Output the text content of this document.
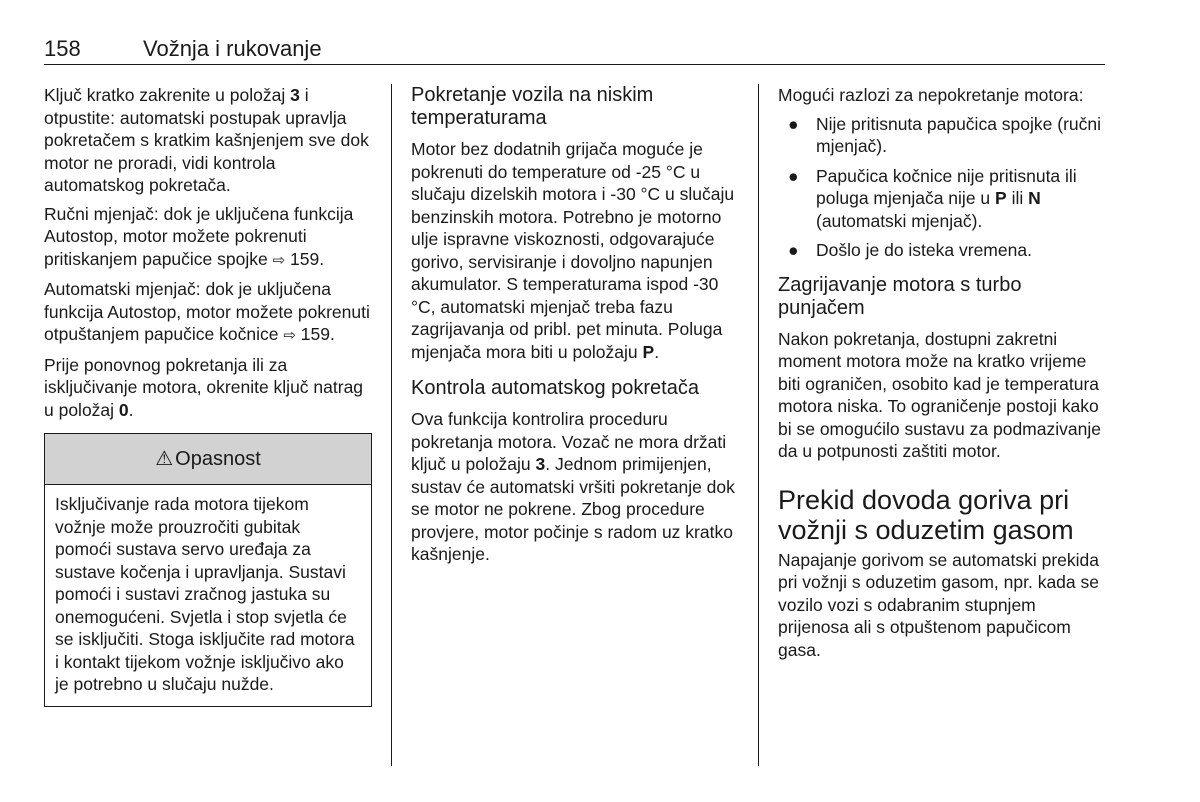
158	Vožnja i rukovanje

Ključ kratko zakrenite u položaj 3 i otpustite: automatski postupak upravlja pokretačem s kratkim kašnjenjem sve dok motor ne proradi, vidi kontrola automatskog pokretača.

Ručni mjenjač: dok je uključena funkcija Autostop, motor možete pokrenuti pritiskanjem papučice spojke ⇨ 159.

Automatski mjenjač: dok je uključena funkcija Autostop, motor možete pokrenuti otpuštanjem papučice kočnice ⇨ 159.

Prije ponovnog pokretanja ili za isključivanje motora, okrenite ključ natrag u položaj 0.

⚠ Opasnost
Isključivanje rada motora tijekom vožnje može prouzročiti gubitak pomoći sustava servo uređaja za sustave kočenja i upravljanja. Sustavi pomoći i sustavi zračnog jastuka su onemogućeni. Svjetla i stop svjetla će se isključiti. Stoga isključite rad motora i kontakt tijekom vožnje isključivo ako je potrebno u slučaju nužde.
Pokretanje vozila na niskim temperaturama

Motor bez dodatnih grijača moguće je pokrenuti do temperature od -25 °C u slučaju dizelskih motora i -30 °C u slučaju benzinskih motora. Potrebno je motorno ulje ispravne viskoznosti, odgovarajuće gorivo, servisiranje i dovoljno napunjen akumulator. S temperaturama ispod -30 °C, automatski mjenjač treba fazu zagrijavanja od pribl. pet minuta. Poluga mjenjača mora biti u položaju P.

Kontrola automatskog pokretača

Ova funkcija kontrolira proceduru pokretanja motora. Vozač ne mora držati ključ u položaju 3. Jednom primijenjen, sustav će automatski vršiti pokretanje dok se motor ne pokrene. Zbog procedure provjere, motor počinje s radom uz kratko kašnjenje.

Mogući razlozi za nepokretanje motora:

● Nije pritisnuta papučica spojke (ručni mjenjač).
● Papučica kočnice nije pritisnuta ili poluga mjenjača nije u P ili N (automatski mjenjač).
● Došlo je do isteka vremena.
Zagrijavanje motora s turbo punjačem

Nakon pokretanja, dostupni zakretni moment motora može na kratko vrijeme biti ograničen, osobito kad je temperatura motora niska. To ograničenje postoji kako bi se omogućilo sustavu za podmazivanje da u potpunosti zaštiti motor.

Prekid dovoda goriva pri vožnji s oduzetim gasom

Napajanje gorivom se automatski prekida pri vožnji s oduzetim gasom, npr. kada se vozilo vozi s odabranim stupnjem prijenosa ali s otpuštenom papučicom gasa.
